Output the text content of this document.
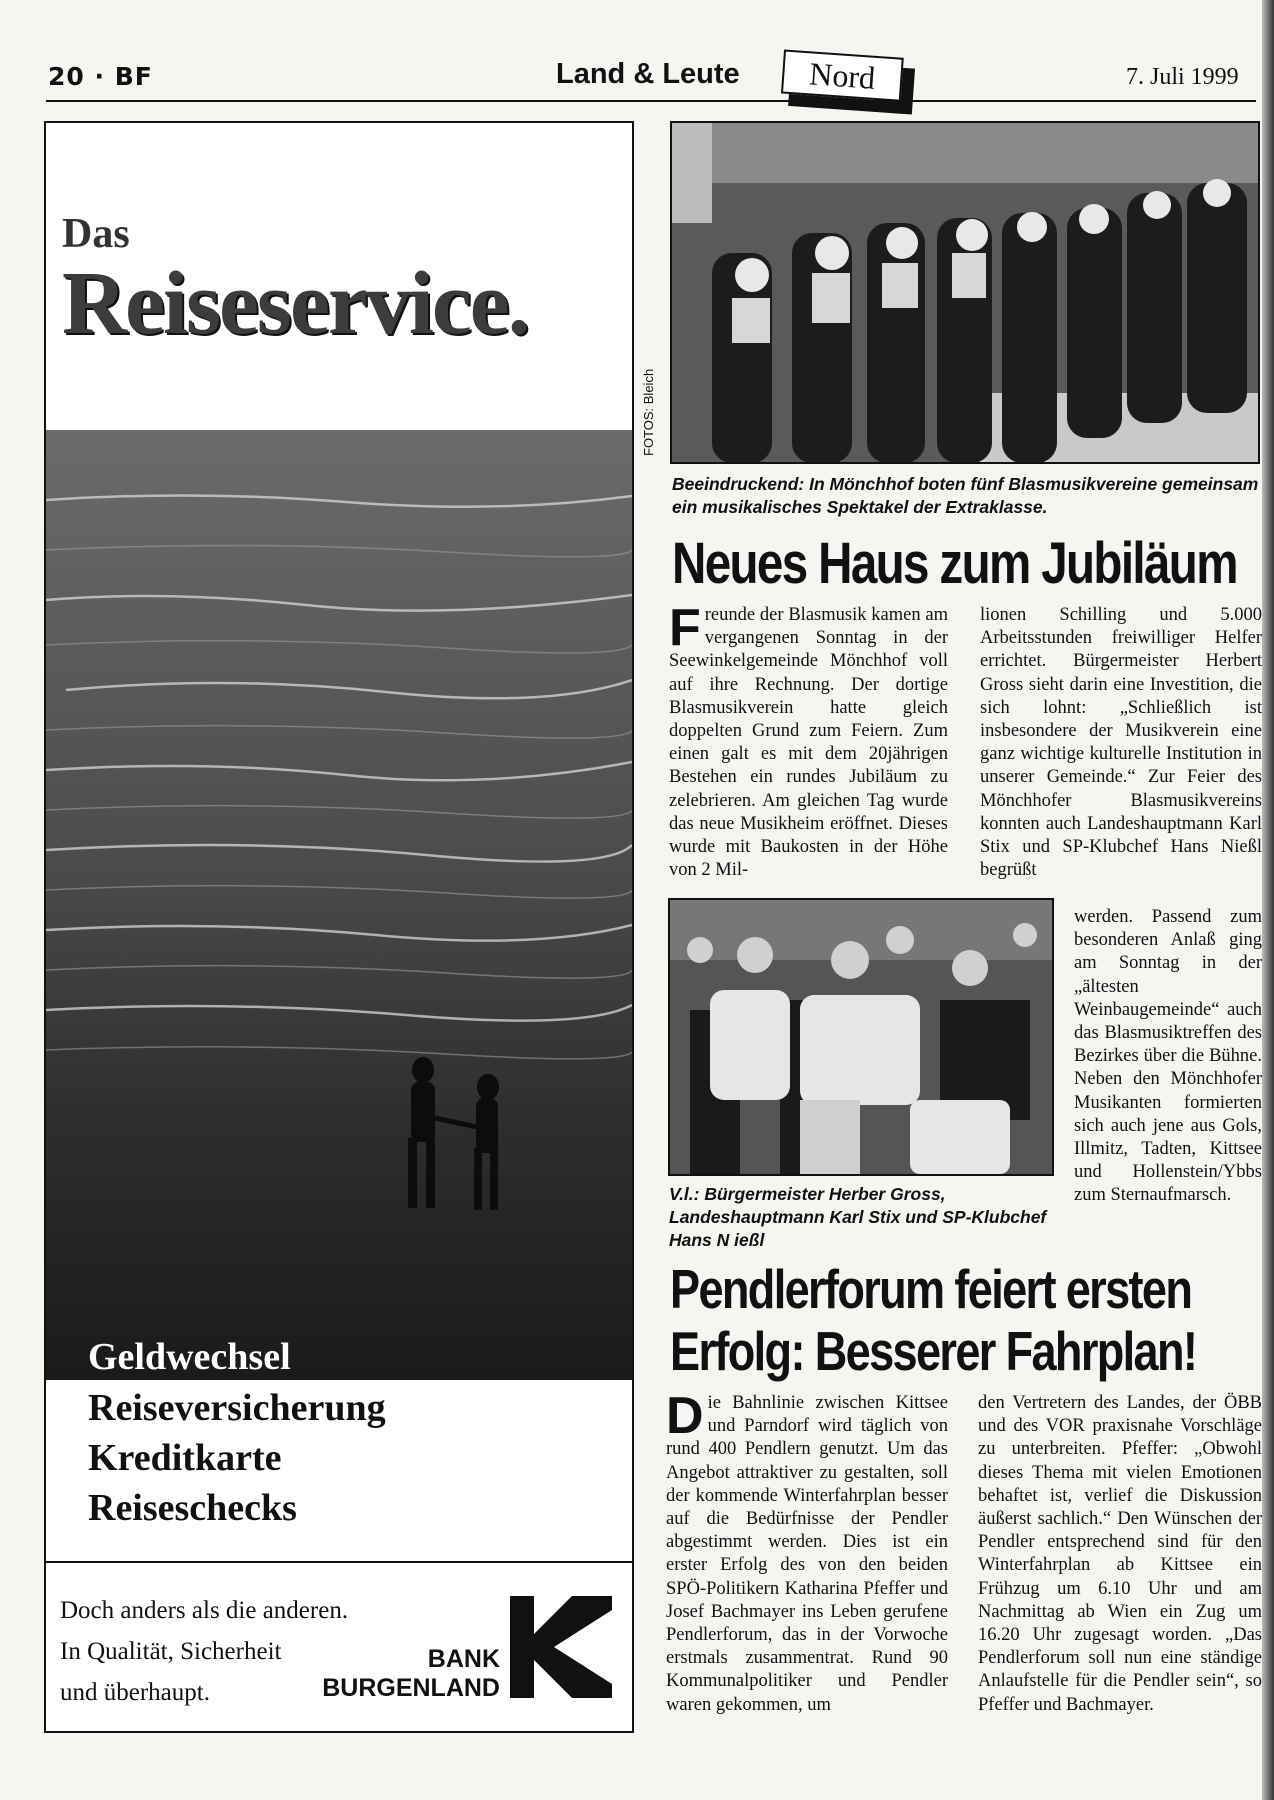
20 · BF	Land & Leute	Nord	7. Juli 1999
Das
Reiseservice.
Geldwechsel
Reiseversicherung
Kreditkarte
Reiseschecks
Doch anders als die anderen.
In Qualität, Sicherheit
und überhaupt.
BANK
BURGENLAND
FOTOS: Bleich
Beeindruckend: In Mönchhof boten fünf Blasmusikvereine gemeinsam ein musikalisches Spektakel der Extraklasse.
Neues Haus zum Jubiläum

Freunde der Blasmusik kamen am vergangenen Sonntag in der Seewinkelgemeinde Mönchhof voll auf ihre Rechnung. Der dortige Blasmusikverein hatte gleich doppelten Grund zum Feiern. Zum einen galt es mit dem 20jährigen Bestehen ein rundes Jubiläum zu zelebrieren. Am gleichen Tag wurde das neue Musikheim eröffnet. Dieses wurde mit Baukosten in der Höhe von 2 Mil-

lionen Schilling und 5.000 Arbeitsstunden freiwilliger Helfer errichtet. Bürgermeister Herbert Gross sieht darin eine Investition, die sich lohnt: „Schließlich ist insbesondere der Musikverein eine ganz wichtige kulturelle Institution in unserer Gemeinde.“ Zur Feier des Mönchhofer Blasmusikvereins konnten auch Landeshauptmann Karl Stix und SP-Klubchef Hans Nießl begrüßt

werden. Passend zum besonderen Anlaß ging am Sonntag in der „ältesten Weinbaugemeinde“ auch das Blasmusiktreffen des Bezirkes über die Bühne. Neben den Mönchhofer Musikanten formierten sich auch jene aus Gols, Illmitz, Tadten, Kittsee und Hollenstein/Ybbs zum Sternaufmarsch.

V.l.: Bürgermeister Herber Gross, Landeshauptmann Karl Stix und SP-Klubchef Hans N ießl
Pendlerforum feiert ersten
Erfolg: Besserer Fahrplan!

Die Bahnlinie zwischen Kittsee und Parndorf wird täglich von rund 400 Pendlern genutzt. Um das Angebot attraktiver zu gestalten, soll der kommende Winterfahrplan besser auf die Bedürfnisse der Pendler abgestimmt werden. Dies ist ein erster Erfolg des von den beiden SPÖ-Politikern Katharina Pfeffer und Josef Bachmayer ins Leben gerufene Pendlerforum, das in der Vorwoche erstmals zusammentrat. Rund 90 Kommunalpolitiker und Pendler waren gekommen, um

den Vertretern des Landes, der ÖBB und des VOR praxisnahe Vorschläge zu unterbreiten. Pfeffer: „Obwohl dieses Thema mit vielen Emotionen behaftet ist, verlief die Diskussion äußerst sachlich.“ Den Wünschen der Pendler entsprechend sind für den Winterfahrplan ab Kittsee ein Frühzug um 6.10 Uhr und am Nachmittag ab Wien ein Zug um 16.20 Uhr zugesagt worden. „Das Pendlerforum soll nun eine ständige Anlaufstelle für die Pendler sein“, so Pfeffer und Bachmayer.
